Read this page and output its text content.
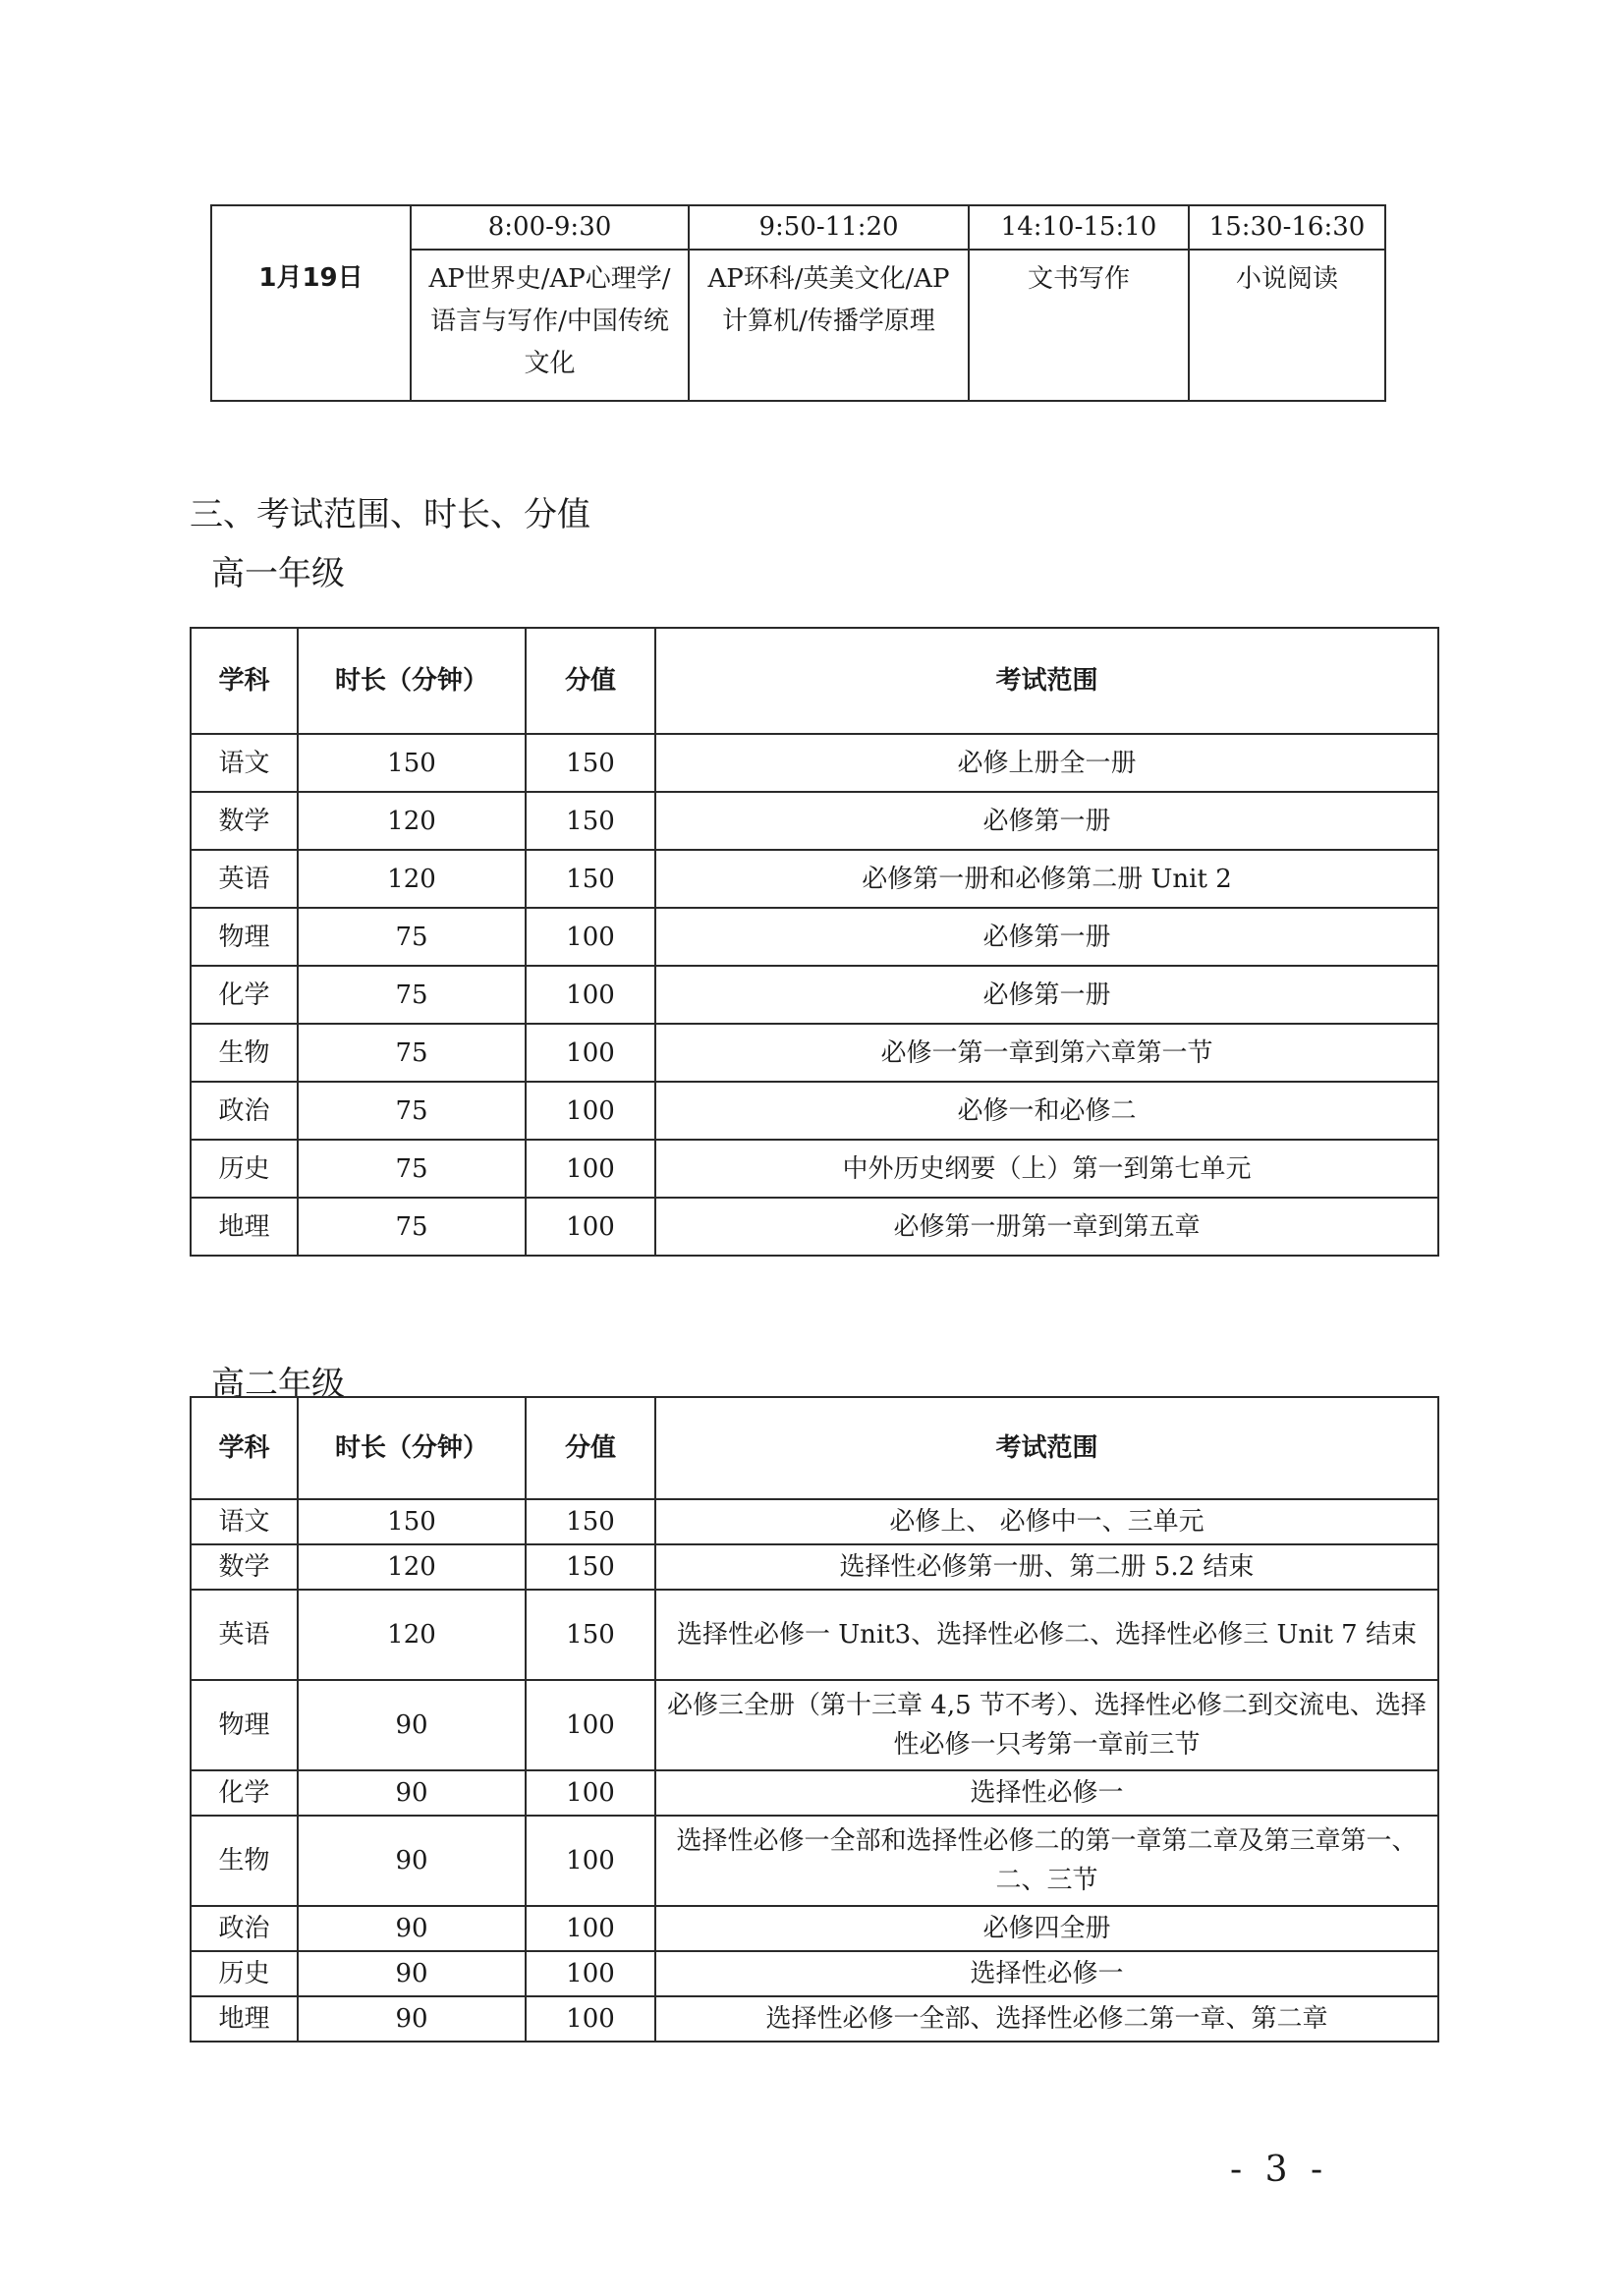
1月19日	8:00-9:30	9:50-11:20	14:10-15:10	15:30-16:30
	AP世界史/AP心理学/语言与写作/中国传统文化	AP环科/英美文化/AP计算机/传播学原理	文书写作	小说阅读
三、考试范围、时长、分值
高一年级
学科	时长（分钟）	分值	考试范围
语文	150	150	必修上册全一册
数学	120	150	必修第一册
英语	120	150	必修第一册和必修第二册 Unit 2
物理	75	100	必修第一册
化学	75	100	必修第一册
生物	75	100	必修一第一章到第六章第一节
政治	75	100	必修一和必修二
历史	75	100	中外历史纲要（上）第一到第七单元
地理	75	100	必修第一册第一章到第五章
高二年级
学科	时长（分钟）	分值	考试范围
语文	150	150	必修上、 必修中一、三单元
数学	120	150	选择性必修第一册、第二册 5.2 结束
英语	120	150	选择性必修一 Unit3、选择性必修二、选择性必修三 Unit 7 结束
物理	90	100	必修三全册（第十三章 4,5 节不考）、选择性必修二到交流电、选择性必修一只考第一章前三节
化学	90	100	选择性必修一
生物	90	100	选择性必修一全部和选择性必修二的第一章第二章及第三章第一、二、三节
政治	90	100	必修四全册
历史	90	100	选择性必修一
地理	90	100	选择性必修一全部、选择性必修二第一章、第二章
- 3 -
